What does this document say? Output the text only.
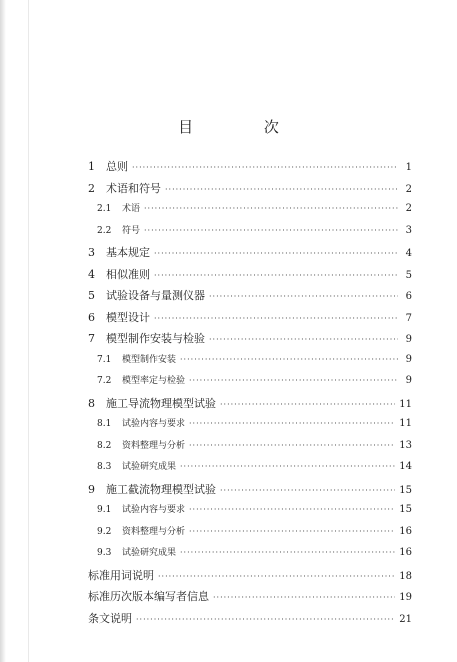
目 次
1	总则 ·····	1
2	术语和符号 ·····	2
2.1	术语 ·····	2
2.2	符号 ·····	3
3	基本规定 ·····	4
4	相似准则 ·····	5
5	试验设备与量测仪器 ·····	6
6	模型设计 ·····	7
7	模型制作安装与检验 ·····	9
7.1	模型制作安装 ·····	9
7.2	模型率定与检验 ·····	9
8	施工导流物理模型试验 ·····	11
8.1	试验内容与要求 ·····	11
8.2	资料整理与分析 ·····	13
8.3	试验研究成果 ·····	14
9	施工截流物理模型试验 ·····	15
9.1	试验内容与要求 ·····	15
9.2	资料整理与分析 ·····	16
9.3	试验研究成果 ·····	16
标准用词说明 ·····	18
标准历次版本编写者信息 ·····	19
条文说明 ·····	21
